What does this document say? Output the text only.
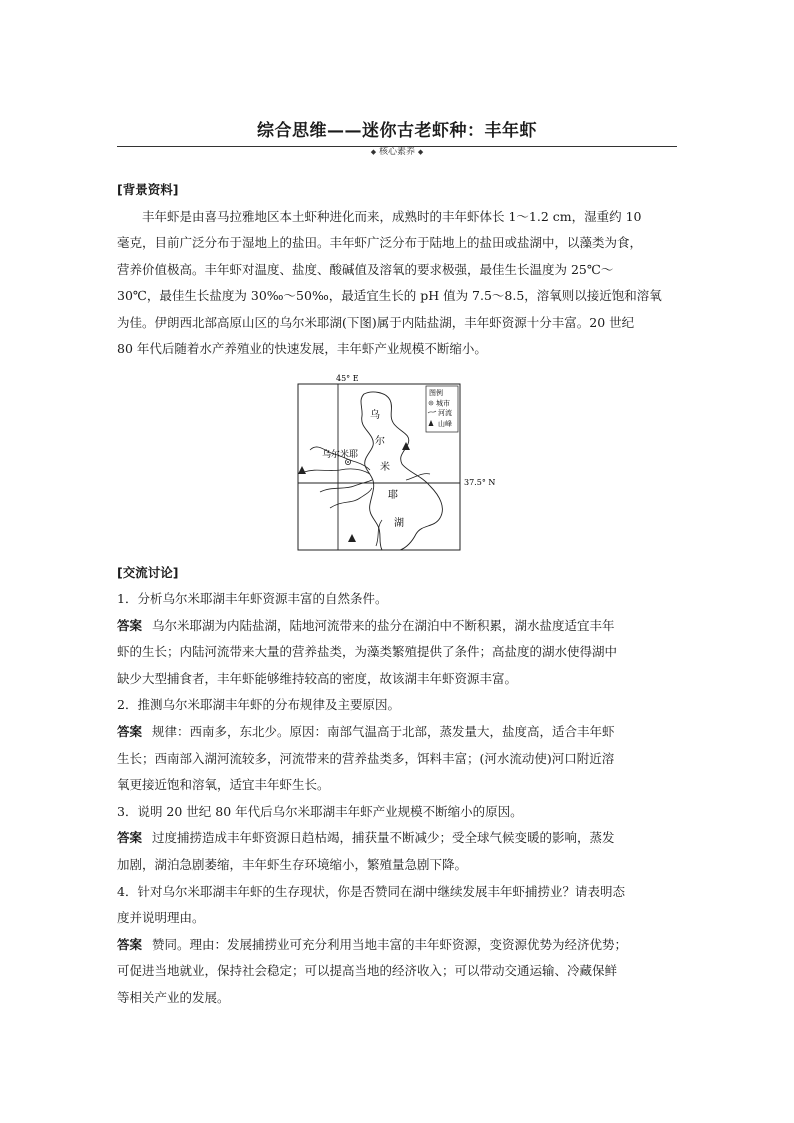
综合思维——迷你古老虾种：丰年虾
◆ 核心素养 ◆
[背景资料]
丰年虾是由喜马拉雅地区本土虾种进化而来，成熟时的丰年虾体长 1～1.2 cm，湿重约 10
毫克，目前广泛分布于湿地上的盐田。丰年虾广泛分布于陆地上的盐田或盐湖中，以藻类为食，
营养价值极高。丰年虾对温度、盐度、酸碱值及溶氧的要求极强，最佳生长温度为 25℃～
30℃，最佳生长盐度为 30‰～50‰，最适宜生长的 pH 值为 7.5～8.5，溶氧则以接近饱和溶氧
为佳。伊朗西北部高原山区的乌尔米耶湖(下图)属于内陆盐湖，丰年虾资源十分丰富。20 世纪
80 年代后随着水产养殖业的快速发展，丰年虾产业规模不断缩小。
45° E
37.5° N
乌
尔
米
耶
湖
乌尔米耶
图例
城市
河流
山峰
[交流讨论]
1．分析乌尔米耶湖丰年虾资源丰富的自然条件。
答案 乌尔米耶湖为内陆盐湖，陆地河流带来的盐分在湖泊中不断积累，湖水盐度适宜丰年
虾的生长；内陆河流带来大量的营养盐类，为藻类繁殖提供了条件；高盐度的湖水使得湖中
缺少大型捕食者，丰年虾能够维持较高的密度，故该湖丰年虾资源丰富。
2．推测乌尔米耶湖丰年虾的分布规律及主要原因。
答案 规律：西南多，东北少。原因：南部气温高于北部，蒸发量大，盐度高，适合丰年虾
生长；西南部入湖河流较多，河流带来的营养盐类多，饵料丰富；(河水流动使)河口附近溶
氧更接近饱和溶氧，适宜丰年虾生长。
3．说明 20 世纪 80 年代后乌尔米耶湖丰年虾产业规模不断缩小的原因。
答案 过度捕捞造成丰年虾资源日趋枯竭，捕获量不断减少；受全球气候变暖的影响，蒸发
加剧，湖泊急剧萎缩，丰年虾生存环境缩小，繁殖量急剧下降。
4．针对乌尔米耶湖丰年虾的生存现状，你是否赞同在湖中继续发展丰年虾捕捞业？请表明态
度并说明理由。
答案 赞同。理由：发展捕捞业可充分利用当地丰富的丰年虾资源，变资源优势为经济优势；
可促进当地就业，保持社会稳定；可以提高当地的经济收入；可以带动交通运输、冷藏保鲜
等相关产业的发展。
